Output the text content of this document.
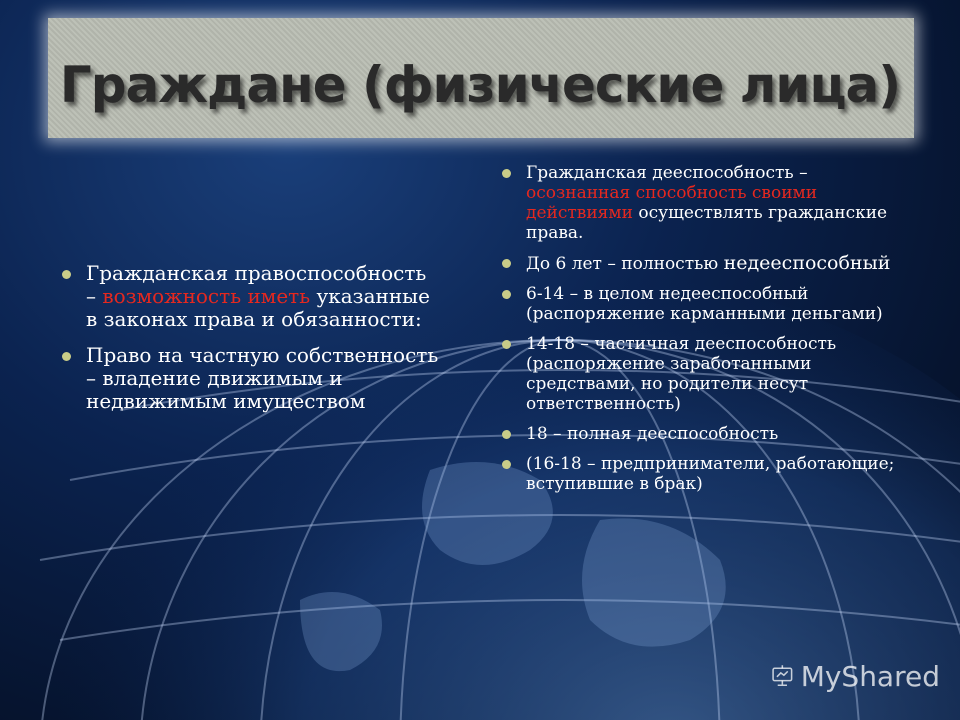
Граждане (физические лица)
Гражданская правоспособность – возможность иметь указанные в законах права и обязанности:
Право на частную собственность – владение движимым и недвижимым имуществом
Гражданская дееспособность – осознанная способность своими действиями осуществлять гражданские права.
До 6 лет – полностью недееспособный
6-14 – в целом недееспособный (распоряжение карманными деньгами)
14-18 – частичная дееспособность (распоряжение заработанными средствами, но родители несут ответственность)
18 – полная дееспособность
(16-18 – предприниматели, работающие; вступившие в брак)
MyShared
